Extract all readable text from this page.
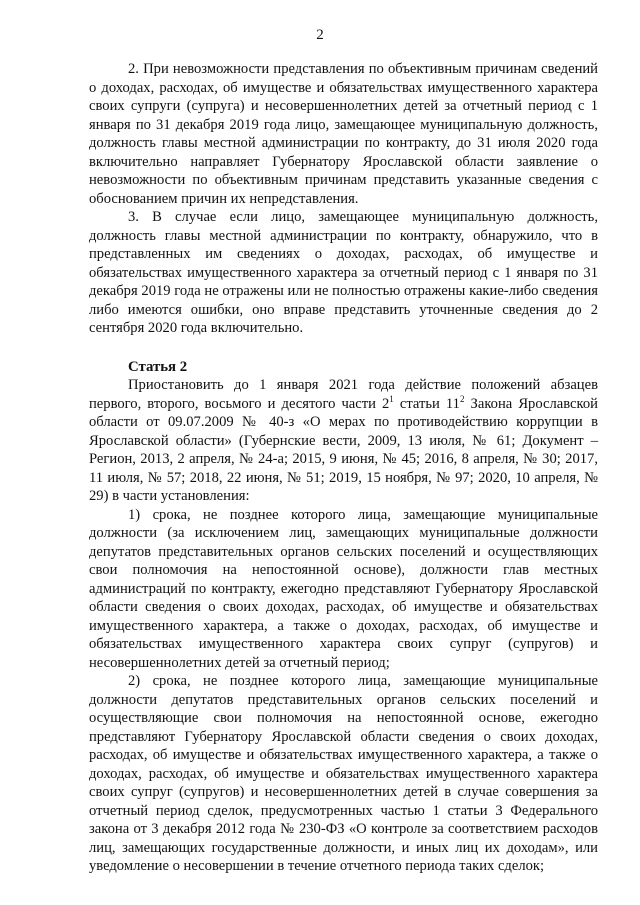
2

2. При невозможности представления по объективным причинам сведений о доходах, расходах, об имуществе и обязательствах имущественного характера своих супруги (супруга) и несовершеннолетних детей за отчетный период с 1 января по 31 декабря 2019 года лицо, замещающее муниципальную должность, должность главы местной администрации по контракту, до 31 июля 2020 года включительно направляет Губернатору Ярославской области заявление о невозможности по объективным причинам представить указанные сведения с обоснованием причин их непредставления.

3. В случае если лицо, замещающее муниципальную должность, должность главы местной администрации по контракту, обнаружило, что в представленных им сведениях о доходах, расходах, об имуществе и обязательствах имущественного характера за отчетный период с 1 января по 31 декабря 2019 года не отражены или не полностью отражены какие-либо сведения либо имеются ошибки, оно вправе представить уточненные сведения до 2 сентября 2020 года включительно.

Статья 2

Приостановить до 1 января 2021 года действие положений абзацев первого, второго, восьмого и десятого части $2^1$ статьи $11^2$ Закона Ярославской области от 09.07.2009 № 40-з «О мерах по противодействию коррупции в Ярославской области» (Губернские вести, 2009, 13 июля, № 61; Документ – Регион, 2013, 2 апреля, № 24-а; 2015, 9 июня, № 45; 2016, 8 апреля, № 30; 2017, 11 июля, № 57; 2018, 22 июня, № 51; 2019, 15 ноября, № 97; 2020, 10 апреля, № 29) в части установления:

1) срока, не позднее которого лица, замещающие муниципальные должности (за исключением лиц, замещающих муниципальные должности депутатов представительных органов сельских поселений и осуществляющих свои полномочия на непостоянной основе), должности глав местных администраций по контракту, ежегодно представляют Губернатору Ярославской области сведения о своих доходах, расходах, об имуществе и обязательствах имущественного характера, а также о доходах, расходах, об имуществе и обязательствах имущественного характера своих супруг (супругов) и несовершеннолетних детей за отчетный период;

2) срока, не позднее которого лица, замещающие муниципальные должности депутатов представительных органов сельских поселений и осуществляющие свои полномочия на непостоянной основе, ежегодно представляют Губернатору Ярославской области сведения о своих доходах, расходах, об имуществе и обязательствах имущественного характера, а также о доходах, расходах, об имуществе и обязательствах имущественного характера своих супруг (супругов) и несовершеннолетних детей в случае совершения за отчетный период сделок, предусмотренных частью 1 статьи 3 Федерального закона от 3 декабря 2012 года № 230-ФЗ «О контроле за соответствием расходов лиц, замещающих государственные должности, и иных лиц их доходам», или уведомление о несовершении в течение отчетного периода таких сделок;
